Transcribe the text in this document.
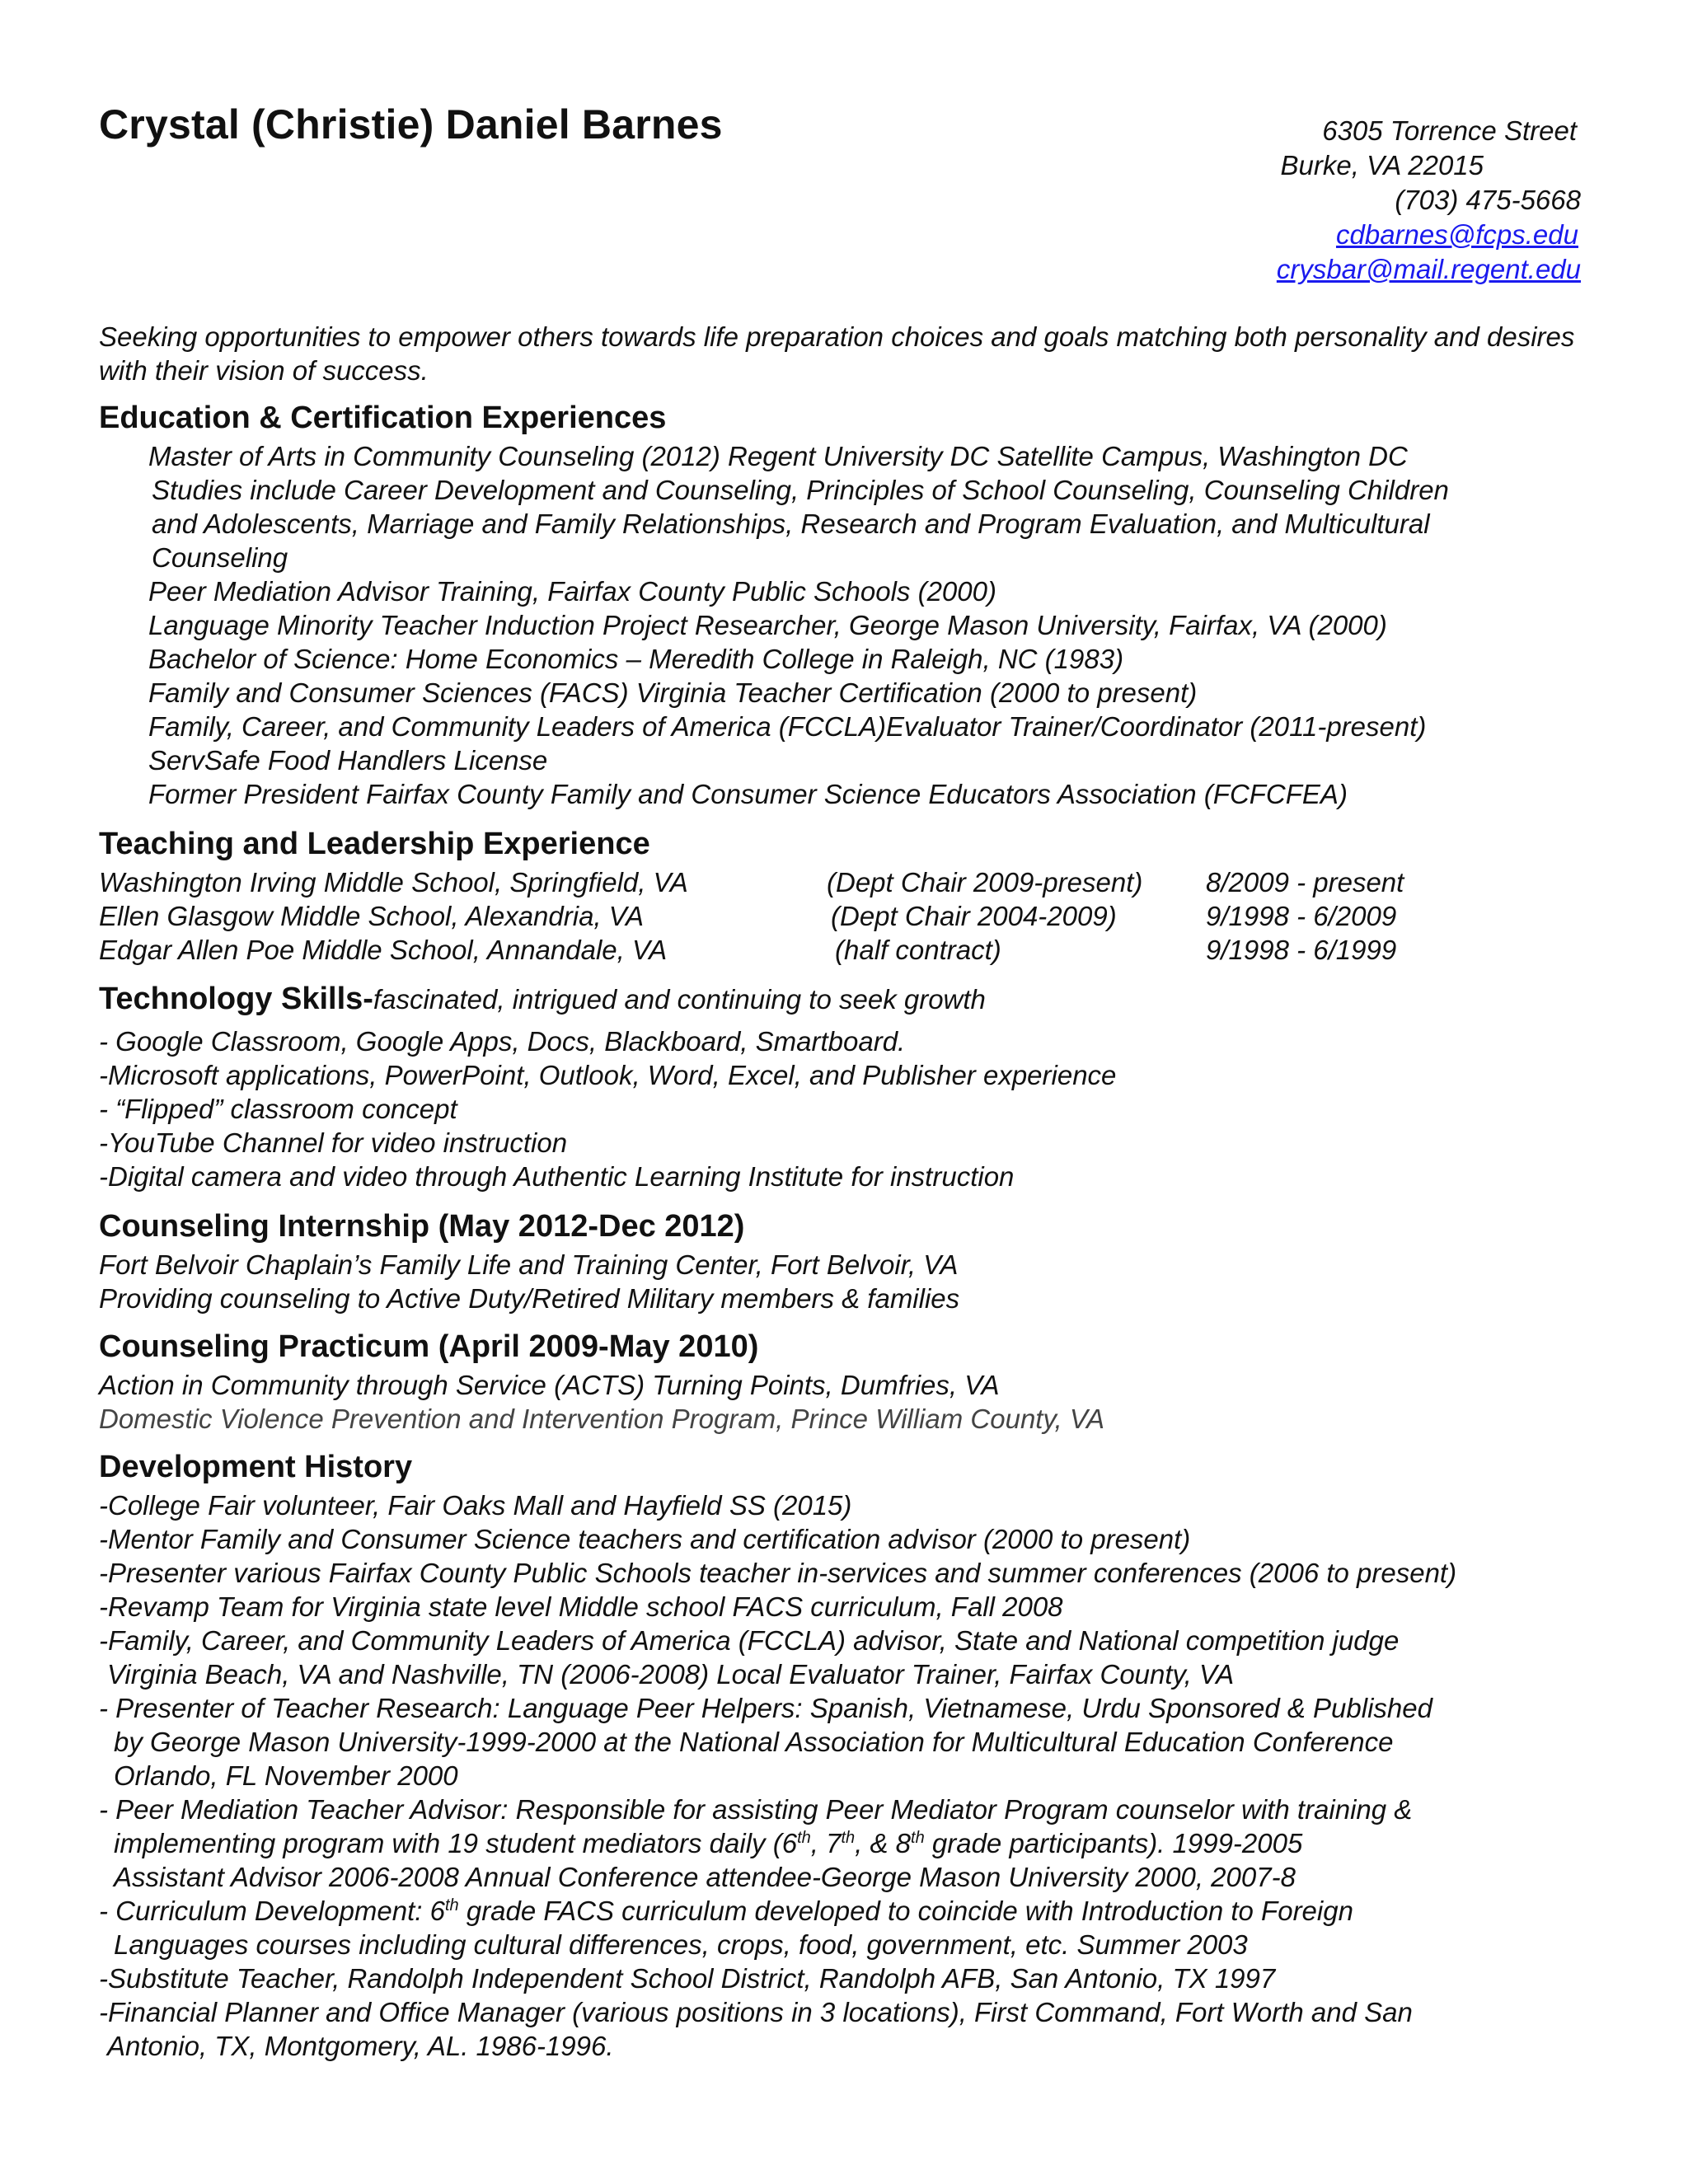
Crystal (Christie) Daniel Barnes	6305 Torrence Street
Burke, VA 22015
(703) 475-5668
cdbarnes@fcps.edu
crysbar@mail.regent.edu
Seeking opportunities to empower others towards life preparation choices and goals matching both personality and desires with their vision of success.
Education & Certification Experiences
Master of Arts in Community Counseling (2012) Regent University DC Satellite Campus, Washington DC
Studies include Career Development and Counseling, Principles of School Counseling, Counseling Children
and Adolescents, Marriage and Family Relationships, Research and Program Evaluation, and Multicultural
Counseling
Peer Mediation Advisor Training, Fairfax County Public Schools (2000)
Language Minority Teacher Induction Project Researcher, George Mason University, Fairfax, VA (2000)
Bachelor of Science: Home Economics – Meredith College in Raleigh, NC (1983)
Family and Consumer Sciences (FACS) Virginia Teacher Certification (2000 to present)
Family, Career, and Community Leaders of America (FCCLA)Evaluator Trainer/Coordinator (2011-present)
ServSafe Food Handlers License
Former President Fairfax County Family and Consumer Science Educators Association (FCFCFEA)
Teaching and Leadership Experience
Washington Irving Middle School, Springfield, VA	(Dept Chair 2009-present) 8/2009 - present
Ellen Glasgow Middle School, Alexandria, VA	(Dept Chair 2004-2009)	9/1998 - 6/2009
Edgar Allen Poe Middle School, Annandale, VA	(half contract)	9/1998 - 6/1999
Technology Skills-fascinated, intrigued and continuing to seek growth
- Google Classroom, Google Apps, Docs, Blackboard, Smartboard.
-Microsoft applications, PowerPoint, Outlook, Word, Excel, and Publisher experience
- “Flipped” classroom concept
-YouTube Channel for video instruction
-Digital camera and video through Authentic Learning Institute for instruction
Counseling Internship (May 2012-Dec 2012)
Fort Belvoir Chaplain’s Family Life and Training Center, Fort Belvoir, VA
Providing counseling to Active Duty/Retired Military members & families
Counseling Practicum (April 2009-May 2010)
Action in Community through Service (ACTS) Turning Points, Dumfries, VA
Domestic Violence Prevention and Intervention Program, Prince William County, VA
Development History
-College Fair volunteer, Fair Oaks Mall and Hayfield SS (2015)
-Mentor Family and Consumer Science teachers and certification advisor (2000 to present)
-Presenter various Fairfax County Public Schools teacher in-services and summer conferences (2006 to present)
-Revamp Team for Virginia state level Middle school FACS curriculum, Fall 2008
-Family, Career, and Community Leaders of America (FCCLA) advisor, State and National competition judge
Virginia Beach, VA and Nashville, TN (2006-2008) Local Evaluator Trainer, Fairfax County, VA
- Presenter of Teacher Research: Language Peer Helpers: Spanish, Vietnamese, Urdu Sponsored & Published
by George Mason University-1999-2000 at the National Association for Multicultural Education Conference
Orlando, FL November 2000
- Peer Mediation Teacher Advisor: Responsible for assisting Peer Mediator Program counselor with training &
implementing program with 19 student mediators daily (6th, 7th, & 8th grade participants). 1999-2005
Assistant Advisor 2006-2008 Annual Conference attendee-George Mason University 2000, 2007-8
- Curriculum Development: 6th grade FACS curriculum developed to coincide with Introduction to Foreign
Languages courses including cultural differences, crops, food, government, etc. Summer 2003
-Substitute Teacher, Randolph Independent School District, Randolph AFB, San Antonio, TX 1997
-Financial Planner and Office Manager (various positions in 3 locations), First Command, Fort Worth and San
Antonio, TX, Montgomery, AL. 1986-1996.
